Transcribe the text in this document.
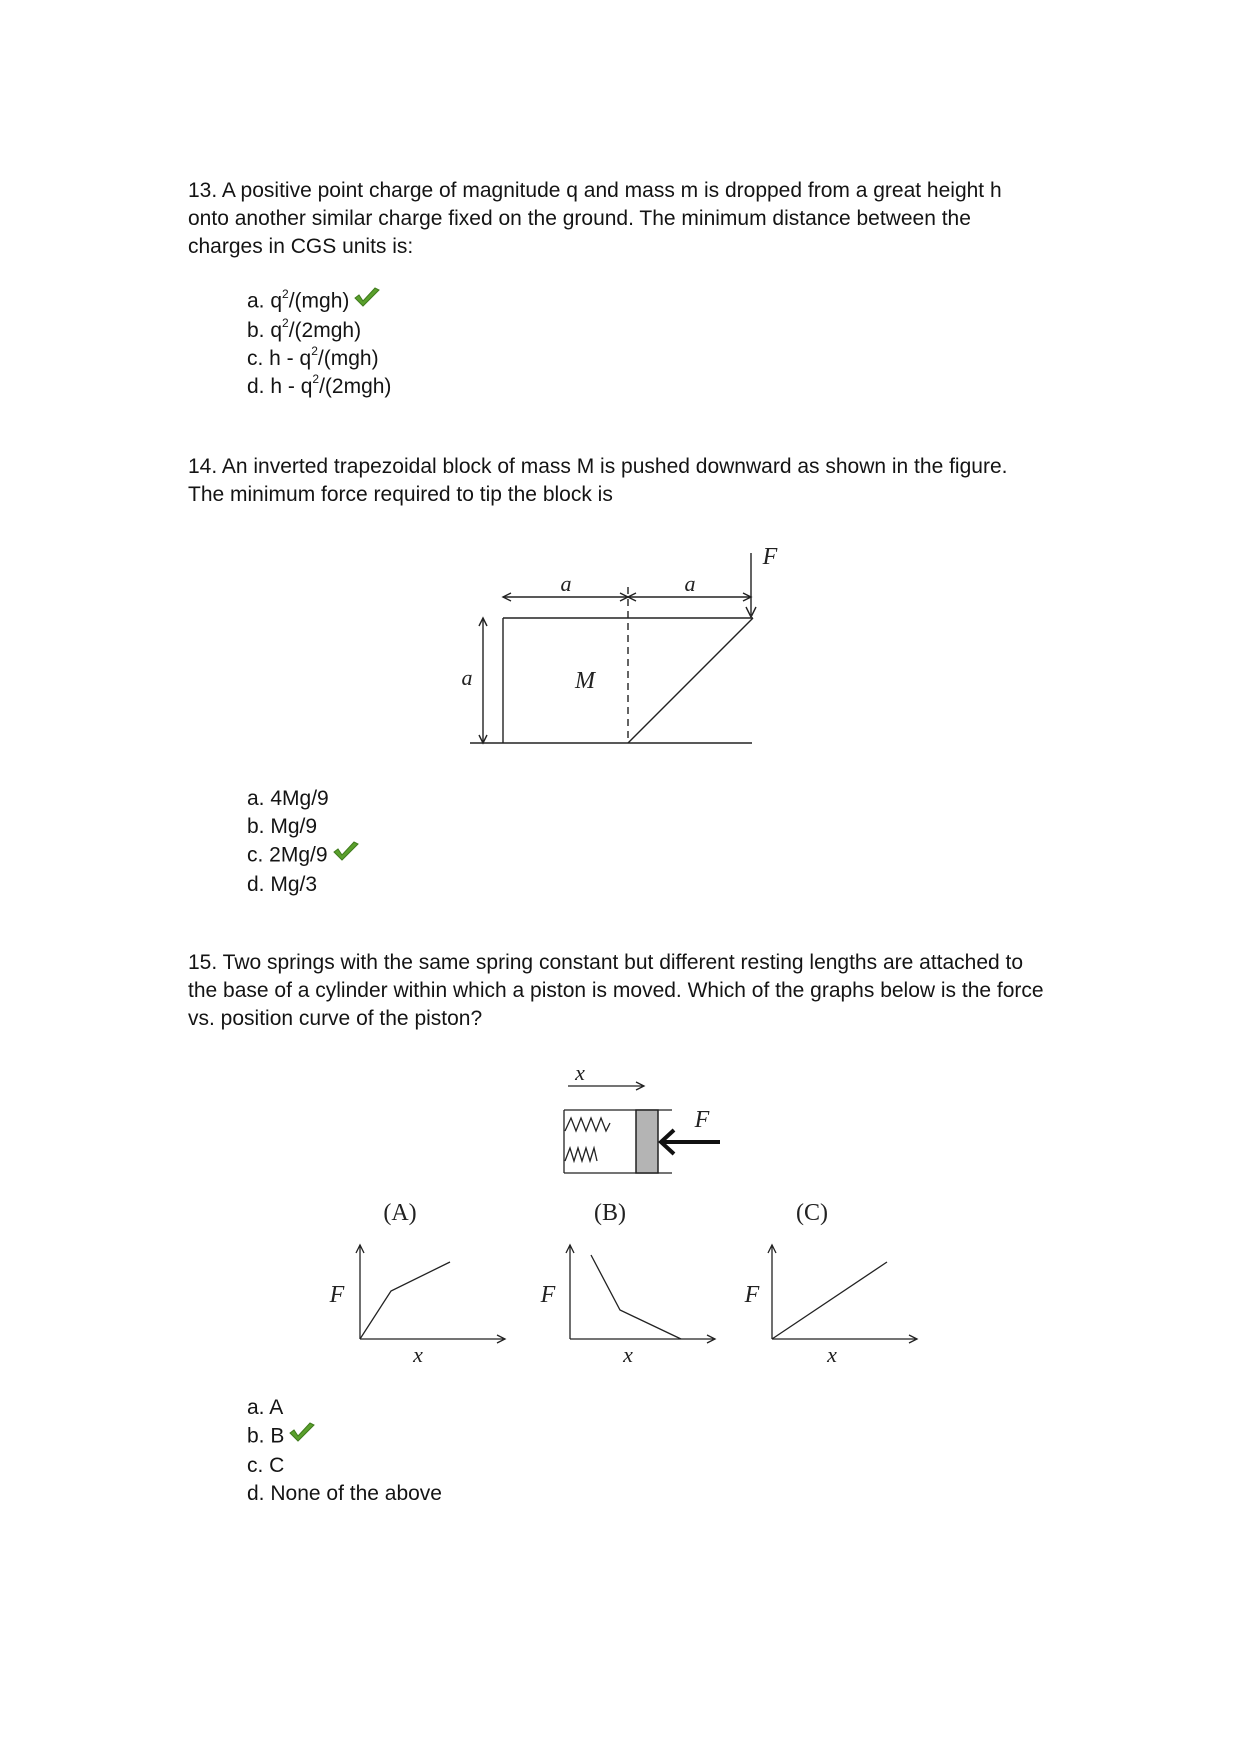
13. A positive point charge of magnitude q and mass m is dropped from a great height h onto another similar charge fixed on the ground. The minimum distance between the charges in CGS units is:

a. $q^2/(mgh)$
b. $q^2/(2mgh)$
c. h - $q^2/(mgh)$
d. h - $q^2/(2mgh)$

14. An inverted trapezoidal block of mass M is pushed downward as shown in the figure. The minimum force required to tip the block is

a	a
a	M
F
a. 4Mg/9
b. Mg/9
c. 2Mg/9
d. Mg/3

15. Two springs with the same spring constant but different resting lengths are attached to the base of a cylinder within which a piston is moved. Which of the graphs below is the force vs. position curve of the piston?

x
F
(A)	(B)	(C)
F	F	F
x	x	x
a. A
b. B
c. C
d. None of the above
